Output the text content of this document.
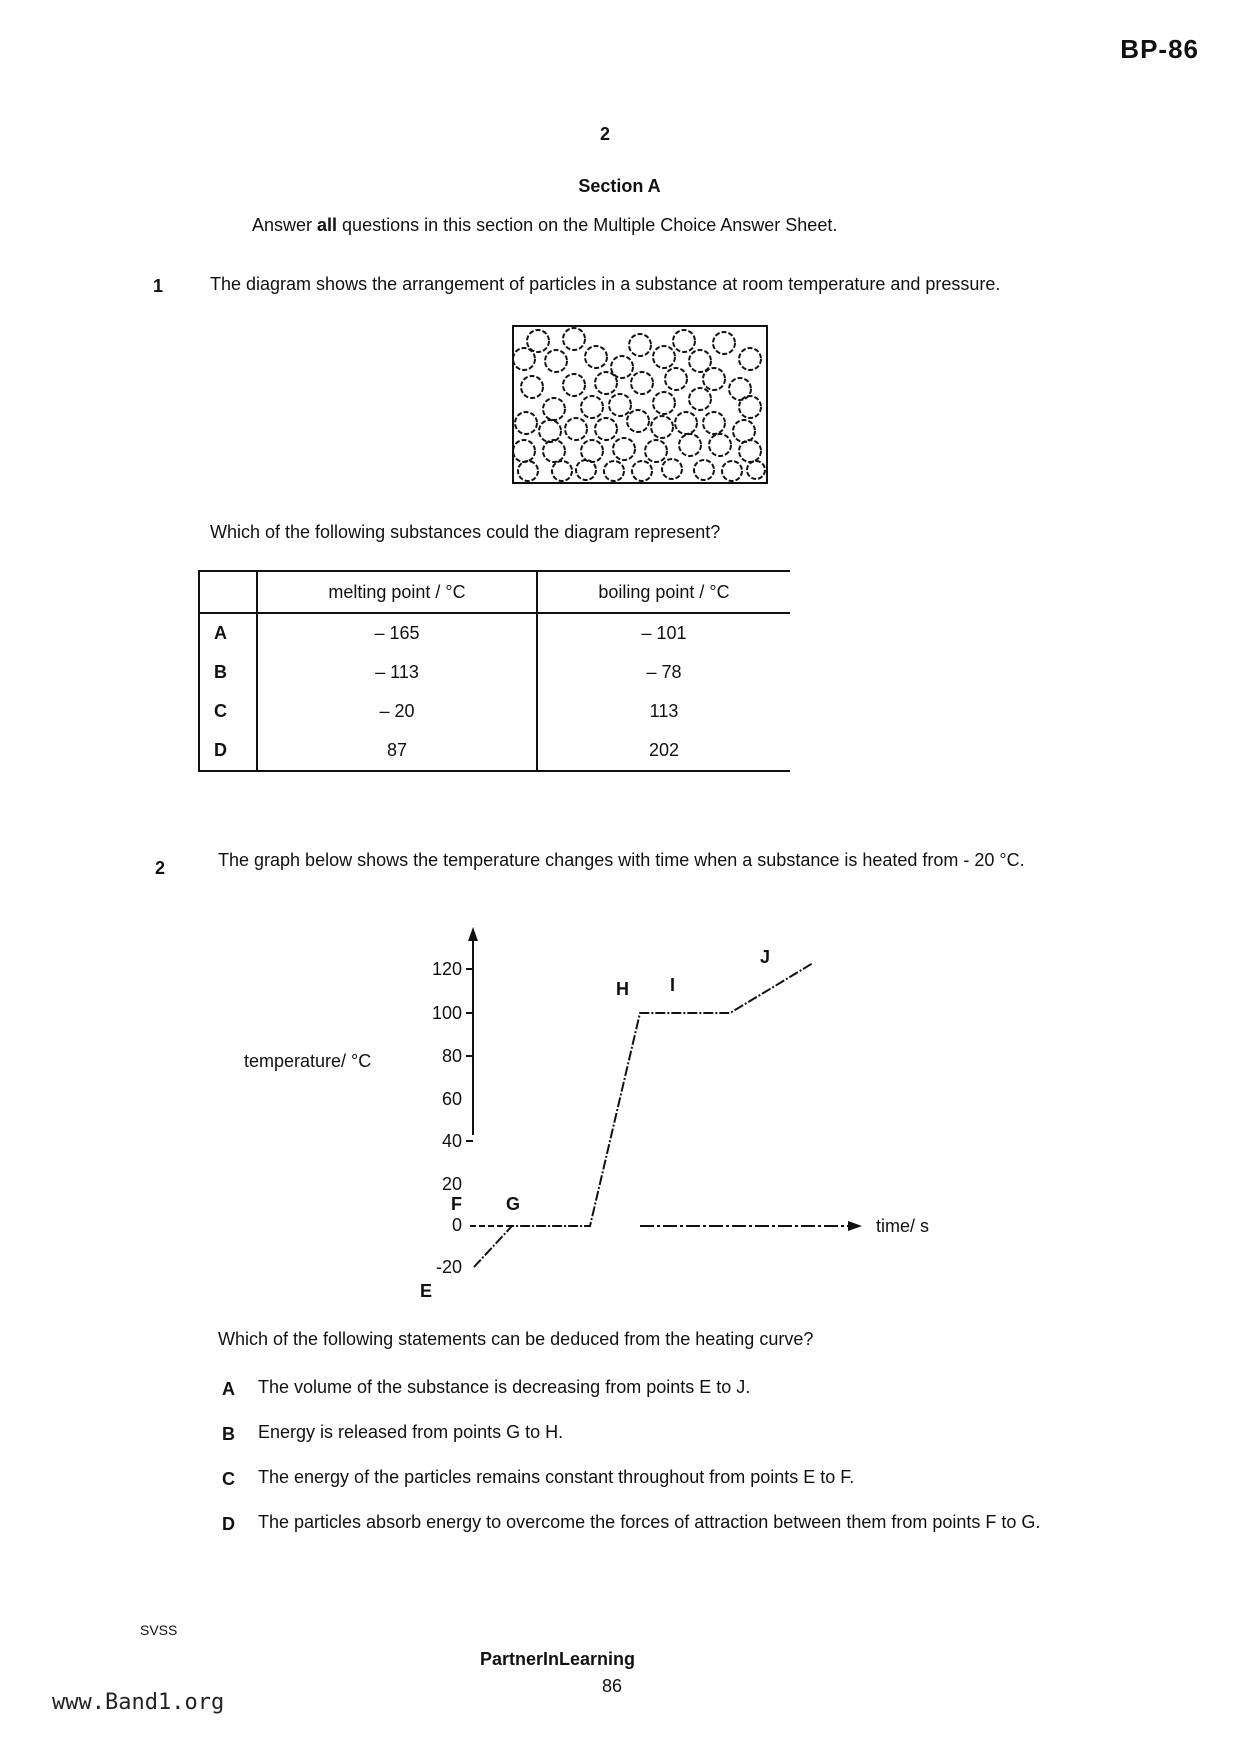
BP-86
2
Section A
Answer all questions in this section on the Multiple Choice Answer Sheet.
1	The diagram shows the arrangement of particles in a substance at room temperature and pressure.
Which of the following substances could the diagram represent?
	melting point / °C	boiling point / °C
A	– 165	– 101
B	– 113	– 78
C	– 20	113
D	87	202
2	The graph below shows the temperature changes with time when a substance is heated from - 20 °C.
120
100
80
60
40
20
0
-20
temperature/ °C
time/ s
E
F G
H I
J
Which of the following statements can be deduced from the heating curve?
A The volume of the substance is decreasing from points E to J.
B Energy is released from points G to H.
C The energy of the particles remains constant throughout from points E to F.
D The particles absorb energy to overcome the forces of attraction between them from points F to G.
SVSS
PartnerInLearning
86
www.Band1.org
